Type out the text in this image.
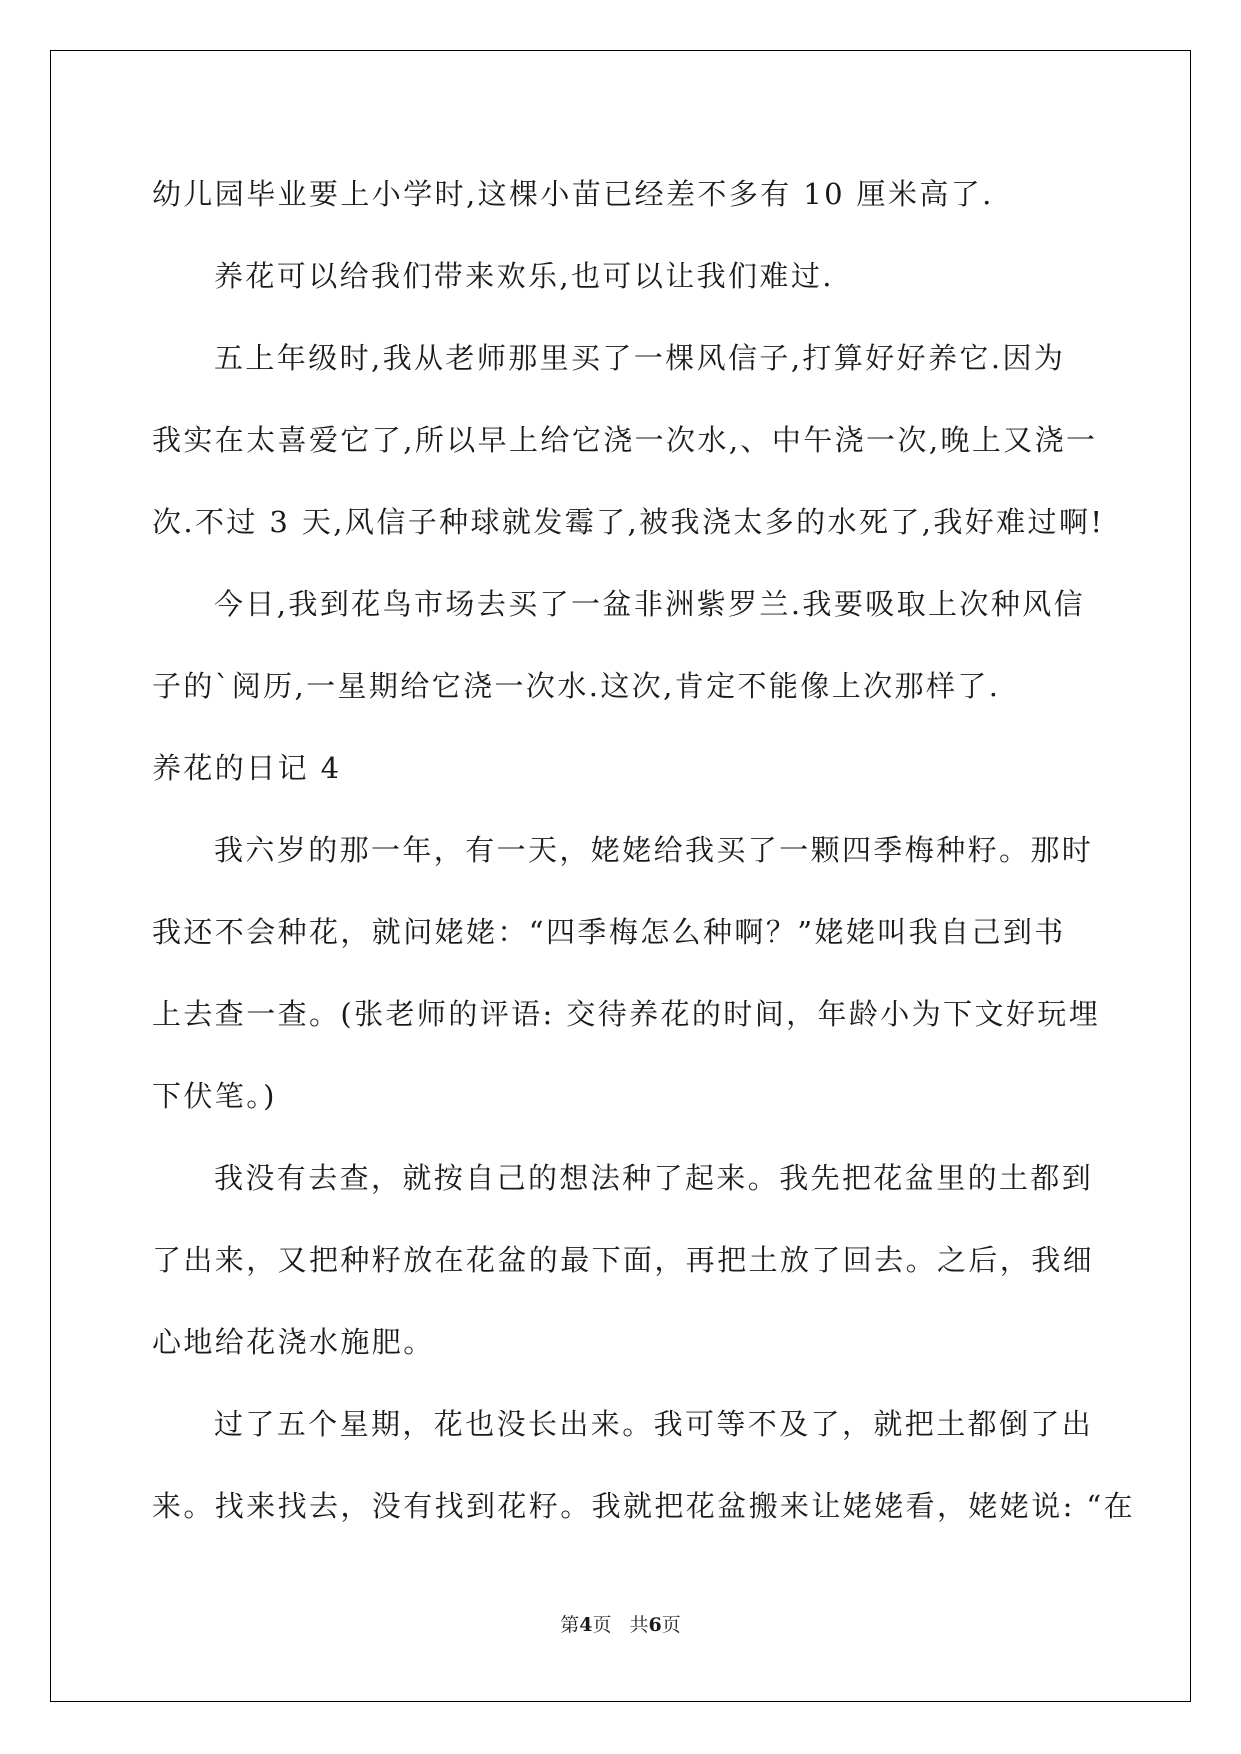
幼儿园毕业要上小学时,这棵小苗已经差不多有 10 厘米高了.
养花可以给我们带来欢乐,也可以让我们难过.
五上年级时,我从老师那里买了一棵风信子,打算好好养它.因为
我实在太喜爱它了,所以早上给它浇一次水,、中午浇一次,晚上又浇一
次.不过 3 天,风信子种球就发霉了,被我浇太多的水死了,我好难过啊!
今日,我到花鸟市场去买了一盆非洲紫罗兰.我要吸取上次种风信
子的`阅历,一星期给它浇一次水.这次,肯定不能像上次那样了.
养花的日记 4
我六岁的那一年，有一天，姥姥给我买了一颗四季梅种籽。那时
我还不会种花，就问姥姥：“四季梅怎么种啊？”姥姥叫我自己到书
上去查一查。(张老师的评语: 交待养花的时间，年龄小为下文好玩埋
下伏笔。)
我没有去查，就按自己的想法种了起来。我先把花盆里的土都到
了出来，又把种籽放在花盆的最下面，再把土放了回去。之后，我细
心地给花浇水施肥。
过了五个星期，花也没长出来。我可等不及了，就把土都倒了出
来。找来找去，没有找到花籽。我就把花盆搬来让姥姥看，姥姥说: “在
第4页 共6页
